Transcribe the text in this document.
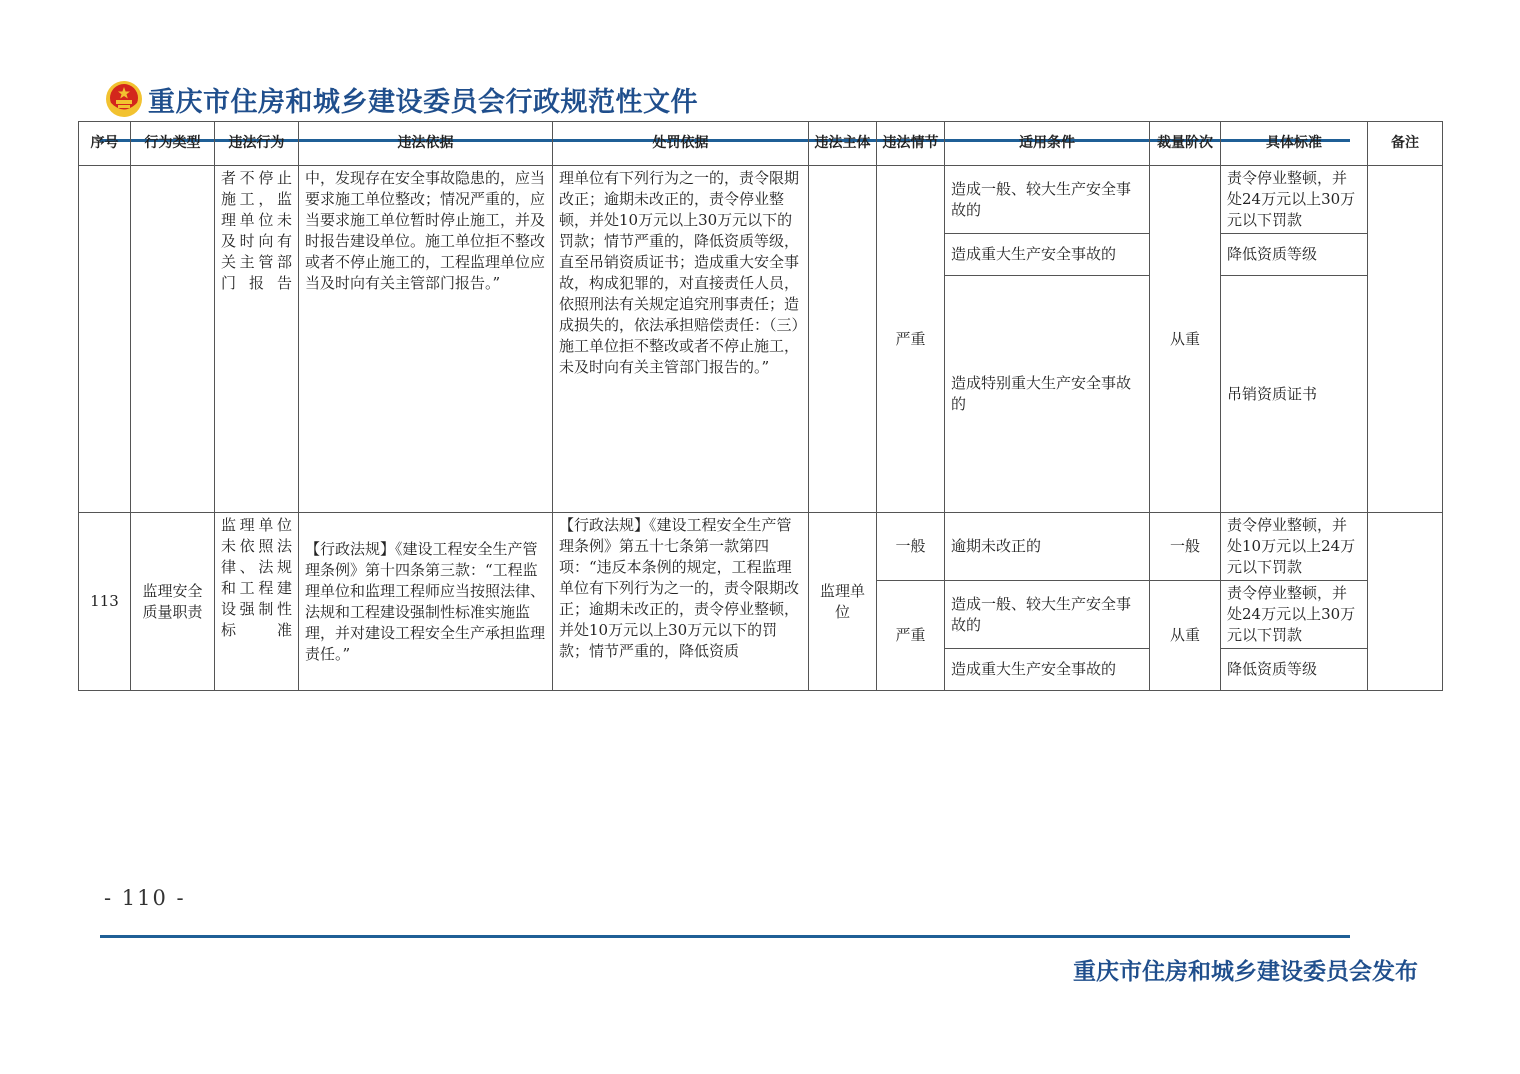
重庆市住房和城乡建设委员会行政规范性文件
序号	行为类型	违法行为	违法依据	处罚依据	违法主体	违法情节	适用条件	裁量阶次	具体标准	备注
		者不停止施工，监理单位未及时向有关主管部门报告	中，发现存在安全事故隐患的，应当要求施工单位整改；情况严重的，应当要求施工单位暂时停止施工，并及时报告建设单位。施工单位拒不整改或者不停止施工的，工程监理单位应当及时向有关主管部门报告。”	理单位有下列行为之一的，责令限期改正；逾期未改正的，责令停业整顿，并处10万元以上30万元以下的罚款；情节严重的，降低资质等级，直至吊销资质证书；造成重大安全事故，构成犯罪的，对直接责任人员，依照刑法有关规定追究刑事责任；造成损失的，依法承担赔偿责任：（三）施工单位拒不整改或者不停止施工，未及时向有关主管部门报告的。”		严重	造成一般、较大生产安全事故的	从重	责令停业整顿，并处24万元以上30万元以下罚款	
							造成重大生产安全事故的		降低资质等级	
							造成特别重大生产安全事故的		吊销资质证书	
113	监理安全质量职责	监理单位未依照法律、法规和工程建设强制性标准	【行政法规】《建设工程安全生产管理条例》第十四条第三款：“工程监理单位和监理工程师应当按照法律、法规和工程建设强制性标准实施监理，并对建设工程安全生产承担监理责任。”	【行政法规】《建设工程安全生产管理条例》第五十七条第一款第四项：“违反本条例的规定，工程监理单位有下列行为之一的，责令限期改正；逾期未改正的，责令停业整顿，并处10万元以上30万元以下的罚款；情节严重的，降低资质	监理单位	一般	逾期未改正的	一般	责令停业整顿，并处10万元以上24万元以下罚款	
						严重	造成一般、较大生产安全事故的	从重	责令停业整顿，并处24万元以上30万元以下罚款	
							造成重大生产安全事故的		降低资质等级	
- 110 -
重庆市住房和城乡建设委员会发布
